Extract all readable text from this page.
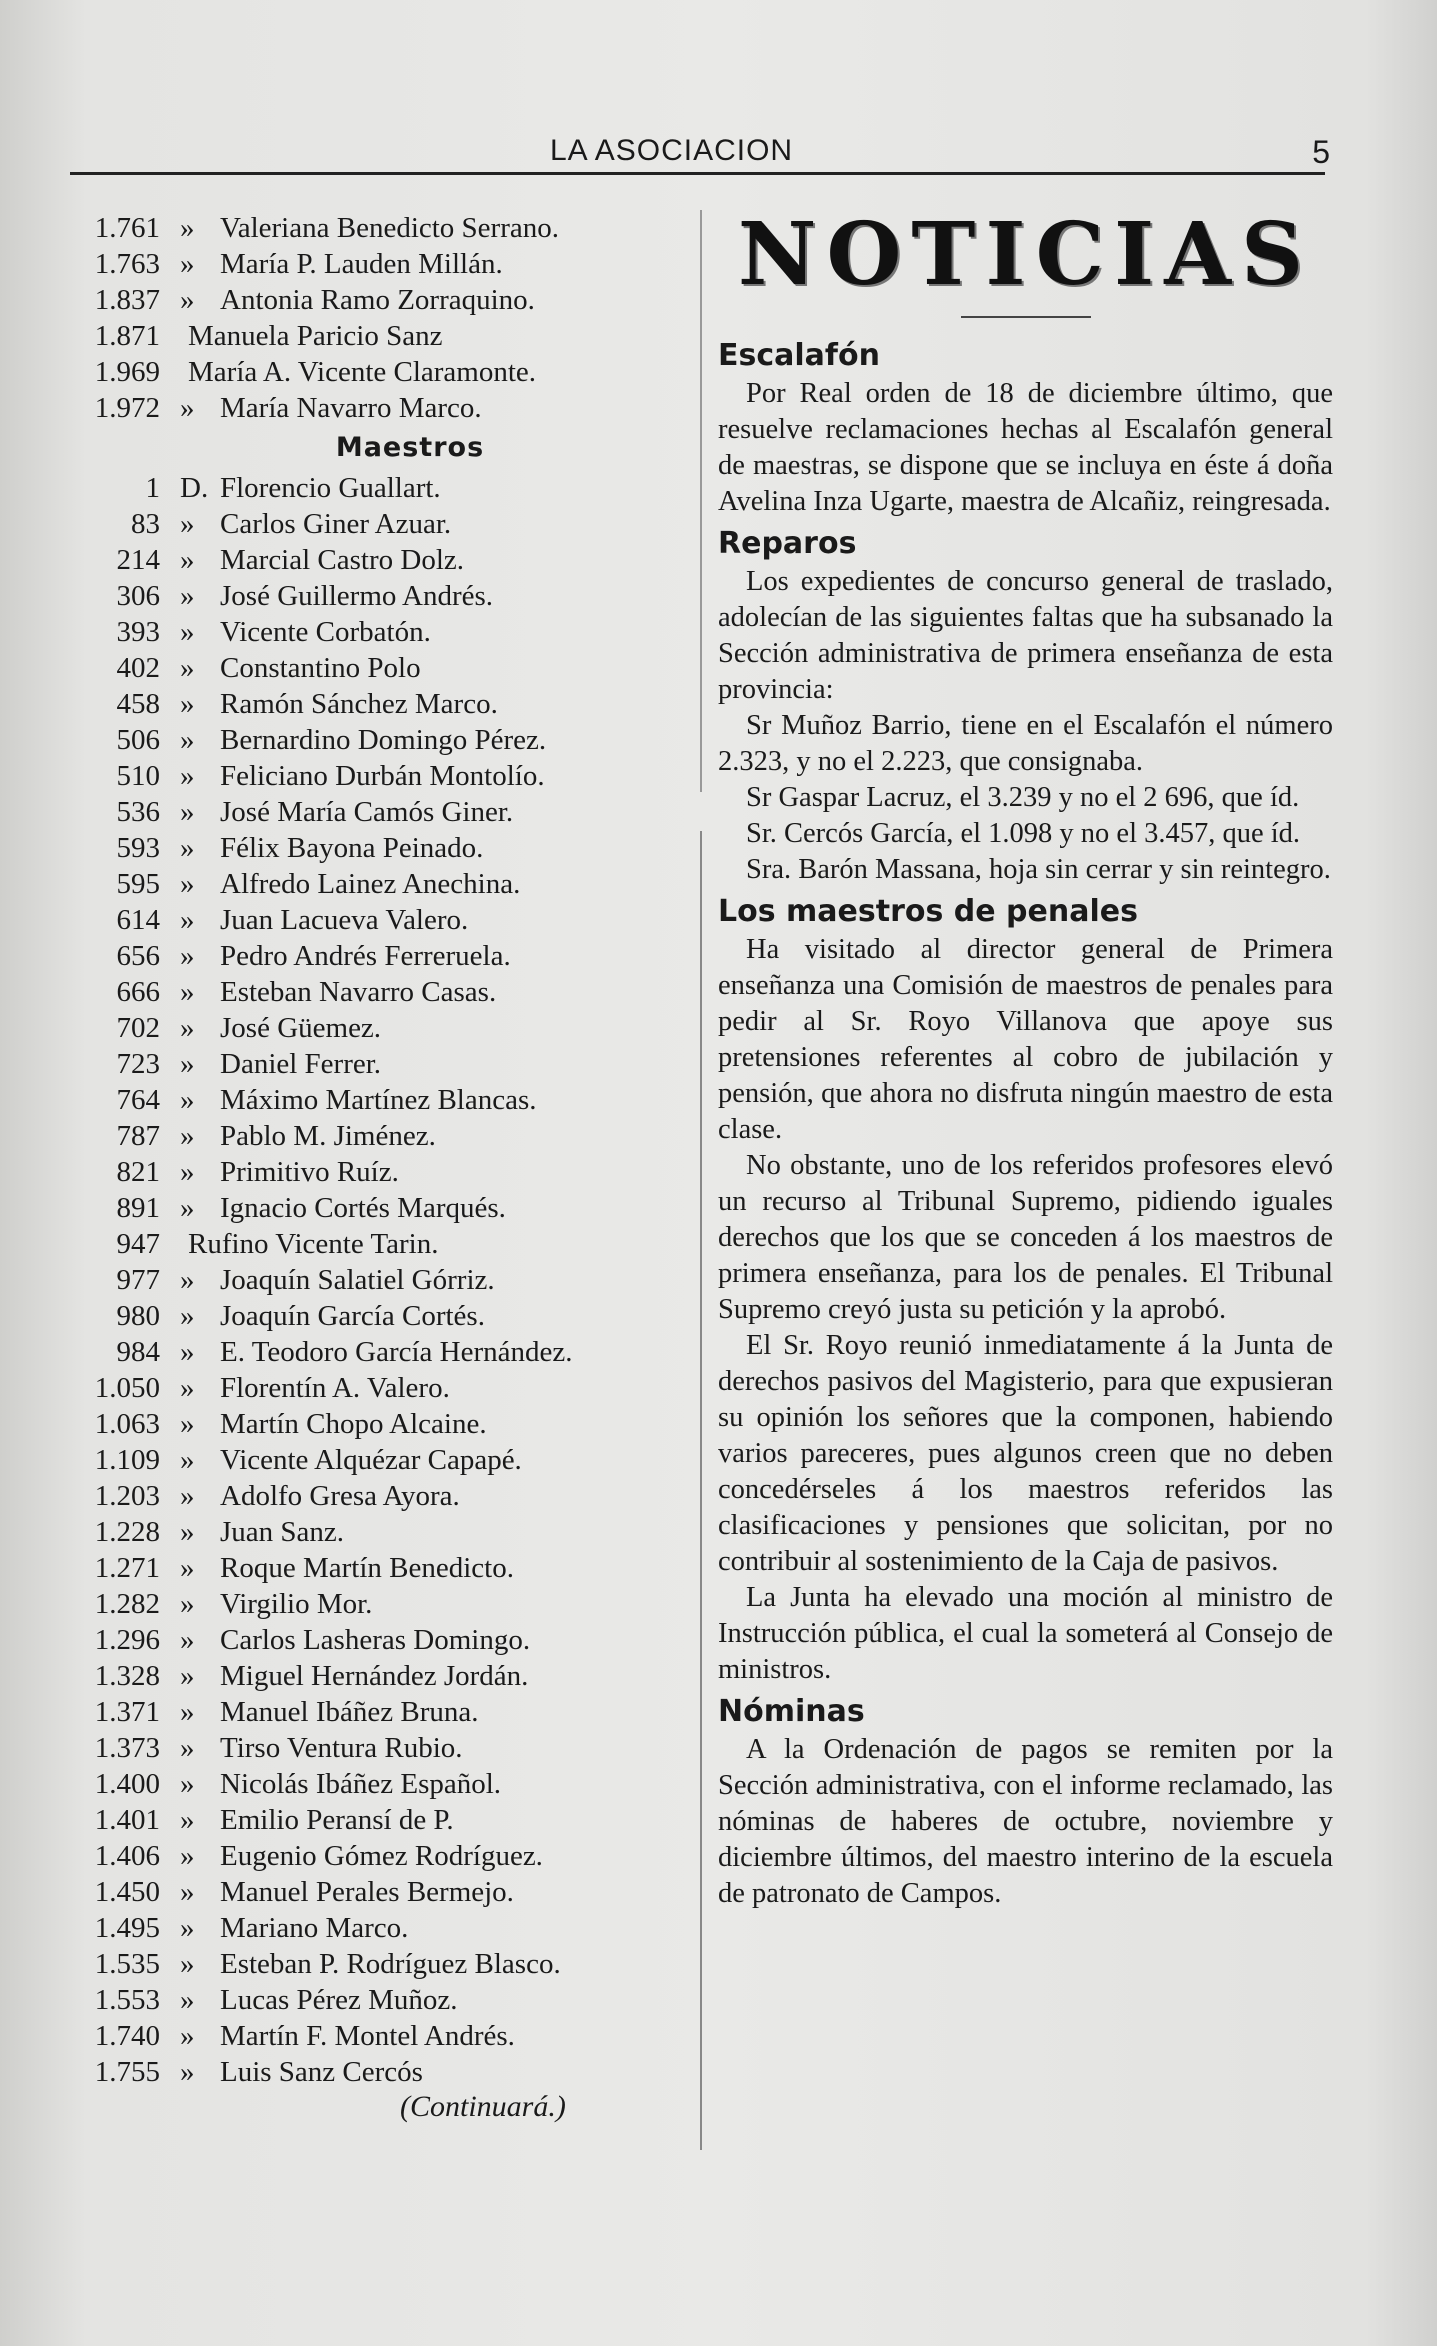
LA ASOCIACION	5
1.761 » Valeriana Benedicto Serrano.
1.763 » María P. Lauden Millán.
1.837 » Antonia Ramo Zorraquino.
1.871 Manuela Paricio Sanz
1.969 María A. Vicente Claramonte.
1.972 » María Navarro Marco.
Maestros
1 D. Florencio Guallart.
83 » Carlos Giner Azuar.
214 » Marcial Castro Dolz.
306 » José Guillermo Andrés.
393 » Vicente Corbatón.
402 » Constantino Polo
458 » Ramón Sánchez Marco.
506 » Bernardino Domingo Pérez.
510 » Feliciano Durbán Montolío.
536 » José María Camós Giner.
593 » Félix Bayona Peinado.
595 » Alfredo Lainez Anechina.
614 » Juan Lacueva Valero.
656 » Pedro Andrés Ferreruela.
666 » Esteban Navarro Casas.
702 » José Güemez.
723 » Daniel Ferrer.
764 » Máximo Martínez Blancas.
787 » Pablo M. Jiménez.
821 » Primitivo Ruíz.
891 » Ignacio Cortés Marqués.
947 Rufino Vicente Tarin.
977 » Joaquín Salatiel Górriz.
980 » Joaquín García Cortés.
984 » E. Teodoro García Hernández.
1.050 » Florentín A. Valero.
1.063 » Martín Chopo Alcaine.
1.109 » Vicente Alquézar Capapé.
1.203 » Adolfo Gresa Ayora.
1.228 » Juan Sanz.
1.271 » Roque Martín Benedicto.
1.282 » Virgilio Mor.
1.296 » Carlos Lasheras Domingo.
1.328 » Miguel Hernández Jordán.
1.371 » Manuel Ibáñez Bruna.
1.373 » Tirso Ventura Rubio.
1.400 » Nicolás Ibáñez Español.
1.401 » Emilio Peransí de P.
1.406 » Eugenio Gómez Rodríguez.
1.450 » Manuel Perales Bermejo.
1.495 » Mariano Marco.
1.535 » Esteban P. Rodríguez Blasco.
1.553 » Lucas Pérez Muñoz.
1.740 » Martín F. Montel Andrés.
1.755 » Luis Sanz Cercós
(Continuará.)
NOTICIAS
Escalafón

Por Real orden de 18 de diciembre último, que resuelve reclamaciones hechas al Escalafón general de maestras, se dispone que se incluya en éste á doña Avelina Inza Ugarte, maestra de Alcañiz, reingresada.

Reparos

Los expedientes de concurso general de traslado, adolecían de las siguientes faltas que ha subsanado la Sección administrativa de primera enseñanza de esta provincia:

Sr Muñoz Barrio, tiene en el Escalafón el número 2.323, y no el 2.223, que consignaba.

Sr Gaspar Lacruz, el 3.239 y no el 2 696, que íd.

Sr. Cercós García, el 1.098 y no el 3.457, que íd.

Sra. Barón Massana, hoja sin cerrar y sin reintegro.

Los maestros de penales

Ha visitado al director general de Primera enseñanza una Comisión de maestros de penales para pedir al Sr. Royo Villanova que apoye sus pretensiones referentes al cobro de jubilación y pensión, que ahora no disfruta ningún maestro de esta clase.

No obstante, uno de los referidos profesores elevó un recurso al Tribunal Supremo, pidiendo iguales derechos que los que se conceden á los maestros de primera enseñanza, para los de penales. El Tribunal Supremo creyó justa su petición y la aprobó.

El Sr. Royo reunió inmediatamente á la Junta de derechos pasivos del Magisterio, para que expusieran su opinión los señores que la componen, habiendo varios pareceres, pues algunos creen que no deben concedérseles á los maestros referidos las clasificaciones y pensiones que solicitan, por no contribuir al sostenimiento de la Caja de pasivos.

La Junta ha elevado una moción al ministro de Instrucción pública, el cual la someterá al Consejo de ministros.

Nóminas

A la Ordenación de pagos se remiten por la Sección administrativa, con el informe reclamado, las nóminas de haberes de octubre, noviembre y diciembre últimos, del maestro interino de la escuela de patronato de Campos.
